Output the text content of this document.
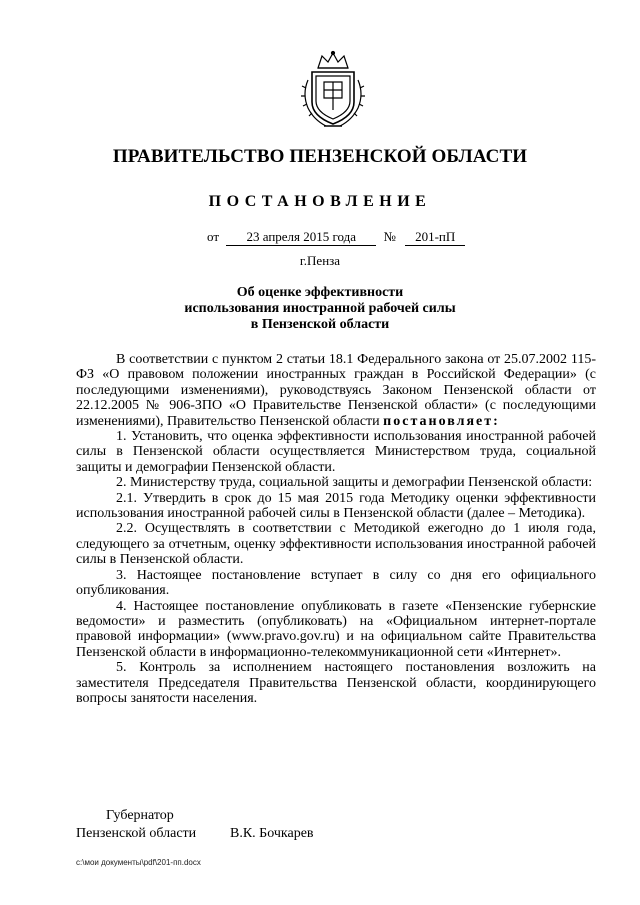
ПРАВИТЕЛЬСТВО ПЕНЗЕНСКОЙ ОБЛАСТИ
ПОСТАНОВЛЕНИЕ
от 23 апреля 2015 года № 201-пП
г.Пенза
Об оценке эффективности
использования иностранной рабочей силы
в Пензенской области

В соответствии с пунктом 2 статьи 18.1 Федерального закона от 25.07.2002 115-ФЗ «О правовом положении иностранных граждан в Российской Федерации» (с последующими изменениями), руководствуясь Законом Пензенской области от 22.12.2005 № 906-ЗПО «О Правительстве Пензенской области» (с последующими изменениями), Правительство Пензенской области постановляет:

1. Установить, что оценка эффективности использования иностранной рабочей силы в Пензенской области осуществляется Министерством труда, социальной защиты и демографии Пензенской области.

2. Министерству труда, социальной защиты и демографии Пензенской области:

2.1. Утвердить в срок до 15 мая 2015 года Методику оценки эффективности использования иностранной рабочей силы в Пензенской области (далее – Методика).

2.2. Осуществлять в соответствии с Методикой ежегодно до 1 июля года, следующего за отчетным, оценку эффективности использования иностранной рабочей силы в Пензенской области.

3. Настоящее постановление вступает в силу со дня его официального опубликования.

4. Настоящее постановление опубликовать в газете «Пензенские губернские ведомости» и разместить (опубликовать) на «Официальном интернет-портале правовой информации» (www.pravo.gov.ru) и на официальном сайте Правительства Пензенской области в информационно-телекоммуникационной сети «Интернет».

5. Контроль за исполнением настоящего постановления возложить на заместителя Председателя Правительства Пензенской области, координирующего вопросы занятости населения.

Губернатор
Пензенской области В.К. Бочкарев
c:\мои документы\pdf\201-пп.docx
